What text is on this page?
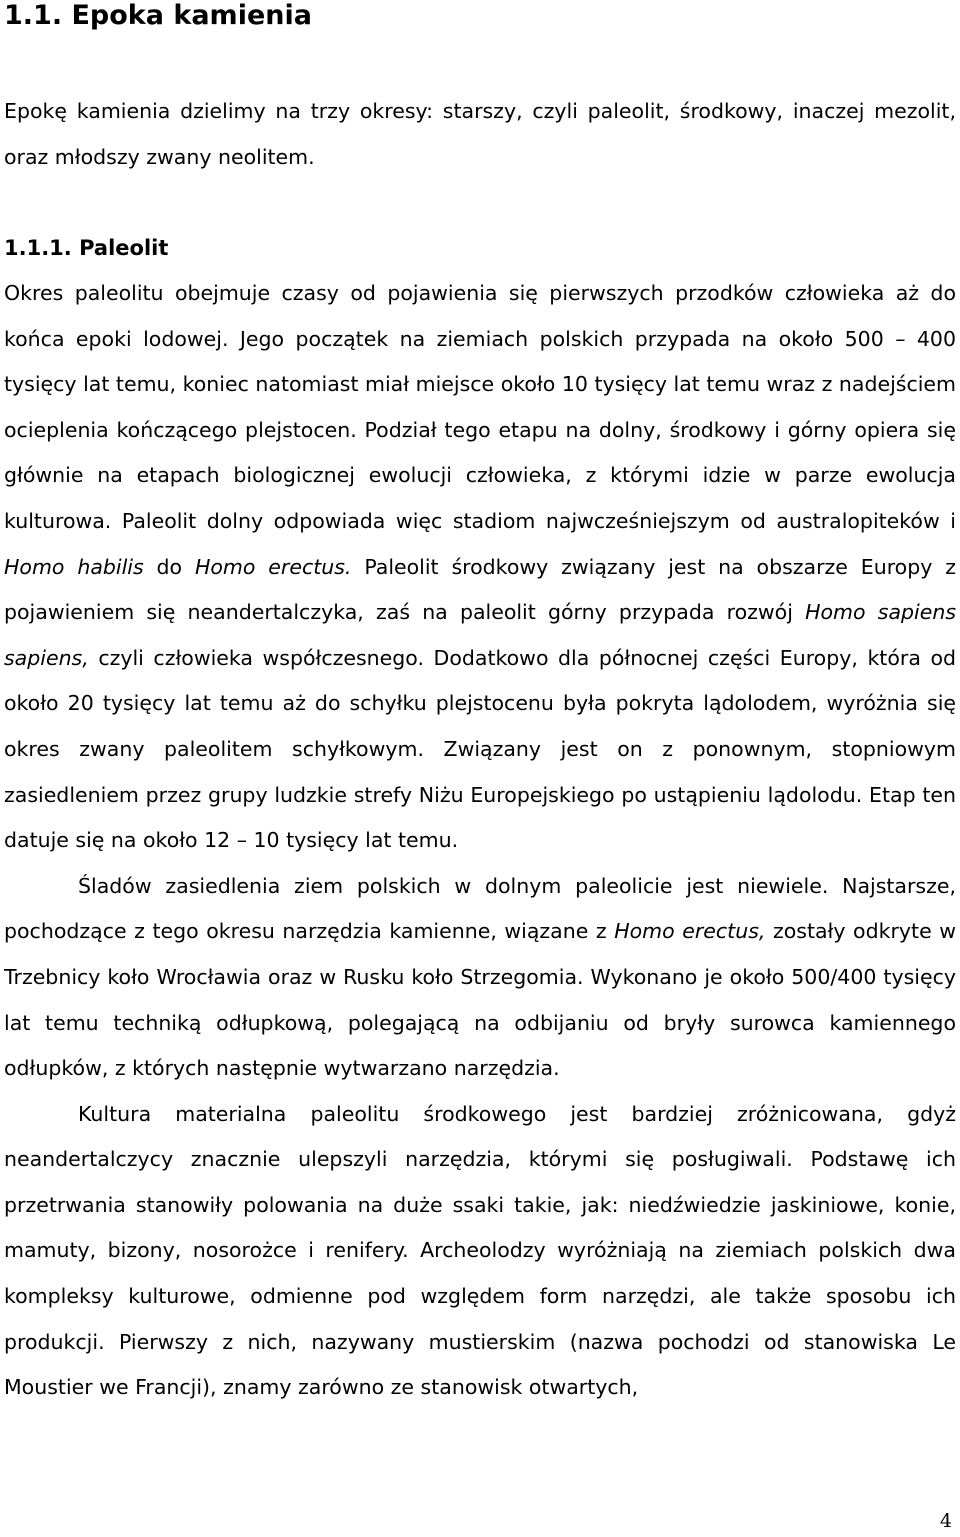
1.1. Epoka kamienia

Epokę kamienia dzielimy na trzy okresy: starszy, czyli paleolit, środkowy, inaczej mezolit, oraz młodszy zwany neolitem.

1.1.1. Paleolit

Okres paleolitu obejmuje czasy od pojawienia się pierwszych przodków człowieka aż do końca epoki lodowej. Jego początek na ziemiach polskich przypada na około 500 – 400 tysięcy lat temu, koniec natomiast miał miejsce około 10 tysięcy lat temu wraz z nadejściem ocieplenia kończącego plejstocen. Podział tego etapu na dolny, środkowy i górny opiera się głównie na etapach biologicznej ewolucji człowieka, z którymi idzie w parze ewolucja kulturowa. Paleolit dolny odpowiada więc stadiom najwcześniejszym od australopiteków i Homo habilis do Homo erectus. Paleolit środkowy związany jest na obszarze Europy z pojawieniem się neandertalczyka, zaś na paleolit górny przypada rozwój Homo sapiens sapiens, czyli człowieka współczesnego. Dodatkowo dla północnej części Europy, która od około 20 tysięcy lat temu aż do schyłku plejstocenu była pokryta lądolodem, wyróżnia się okres zwany paleolitem schyłkowym. Związany jest on z ponownym, stopniowym zasiedleniem przez grupy ludzkie strefy Niżu Europejskiego po ustąpieniu lądolodu. Etap ten datuje się na około 12 – 10 tysięcy lat temu.

Śladów zasiedlenia ziem polskich w dolnym paleolicie jest niewiele. Najstarsze, pochodzące z tego okresu narzędzia kamienne, wiązane z Homo erectus, zostały odkryte w Trzebnicy koło Wrocławia oraz w Rusku koło Strzegomia. Wykonano je około 500/400 tysięcy lat temu techniką odłupkową, polegającą na odbijaniu od bryły surowca kamiennego odłupków, z których następnie wytwarzano narzędzia.

Kultura materialna paleolitu środkowego jest bardziej zróżnicowana, gdyż neandertalczycy znacznie ulepszyli narzędzia, którymi się posługiwali. Podstawę ich przetrwania stanowiły polowania na duże ssaki takie, jak: niedźwiedzie jaskiniowe, konie, mamuty, bizony, nosorożce i renifery. Archeolodzy wyróżniają na ziemiach polskich dwa kompleksy kulturowe, odmienne pod względem form narzędzi, ale także sposobu ich produkcji. Pierwszy z nich, nazywany mustierskim (nazwa pochodzi od stanowiska Le Moustier we Francji), znamy zarówno ze stanowisk otwartych,

4
